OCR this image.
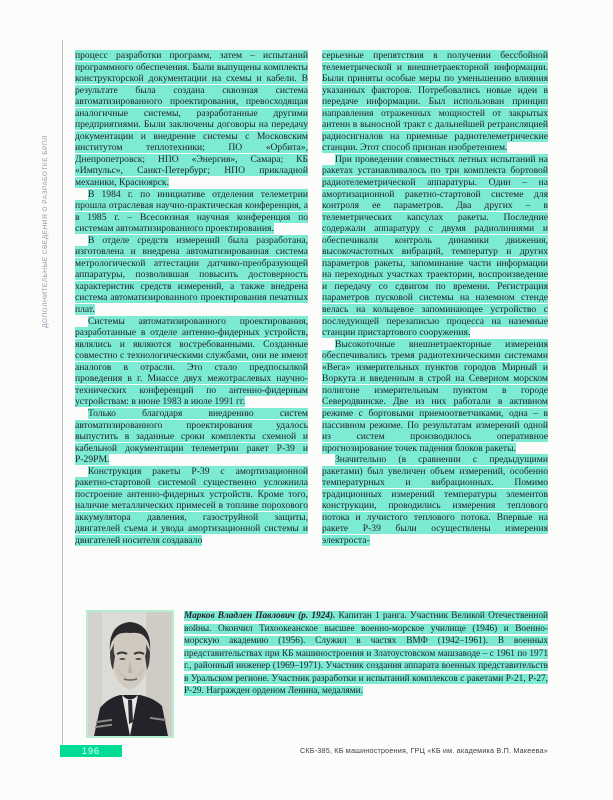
ДОПОЛНИТЕЛЬНЫЕ СВЕДЕНИЯ О РАЗРАБОТКЕ БРПЛ

процесс разработки программ, затем – испытаний программного обеспечения. Были выпущены комплекты конструкторской документации на схемы и кабели. В результате была создана сквозная система автоматизированного проектирования, превосходящая аналогичные системы, разработанные другими предприятиями. Были заключены договоры на передачу документации и внедрение системы с Московским институтом теплотехники; ПО «Орбита», Днепропетровск; НПО «Энергия», Самара; КБ «Импульс», Санкт-Петербург; НПО прикладной механики, Красноярск.

В 1984 г. по инициативе отделения телеметрии прошла отраслевая научно-практическая конференция, а в 1985 г. – Всесоюзная научная конференция по системам автоматизированного проектирования.

В отделе средств измерений была разработана, изготовлена и внедрена автоматизированная система метрологической аттестации датчико-преобразующей аппаратуры, позволившая повысить достоверность характеристик средств измерений, а также внедрена система автоматизированного проектирования печатных плат.

Системы автоматизированного проектирования, разработанные в отделе антенно-фидерных устройств, являлись и являются востребованными. Созданные совместно с технологическими службами, они не имеют аналогов в отрасли. Это стало предпосылкой проведения в г. Миассе двух межотраслевых научно-технических конференций по антенно-фидерным устройствам: в июне 1983 в июле 1991 гг.

Только благодаря внедрению систем автоматизированного проектирования удалось выпустить в заданные сроки комплекты схемной и кабельной документации телеметрии ракет Р-39 и Р-29РМ.

Конструкция ракеты Р-39 с амортизационной ракетно-стартовой системой существенно усложнила построение антенно-фидерных устройств. Кроме того, наличие металлических примесей в топливе порохового аккумулятора давления, газоструйной защиты, двигателей съема и увода амортизационной системы и двигателей носителя создавало

серьезные препятствия в получении бессбойной телеметрической и внешнетраекторной информации. Были приняты особые меры по уменьшению влияния указанных факторов. Потребовались новые идеи в передаче информации. Был использован принцип направления отраженных мощностей от закрытых антенн в выносной тракт с дальнейшей ретрансляцией радиосигналов на приемные радиотелеметрические станции. Этот способ признан изобретением.

При проведении совместных летных испытаний на ракетах устанавливалось по три комплекта бортовой радиотелеметрической аппаратуры. Один – на амортизационной ракетно-стартовой системе для контроля ее параметров. Два других – в телеметрических капсулах ракеты. Последние содержали аппаратуру с двумя радиолиниями и обеспечивали контроль динамики движения, высокочастотных вибраций, температур и других параметров ракеты, запоминание части информации на переходных участках траектории, воспроизведение и передачу со сдвигом по времени. Регистрация параметров пусковой системы на наземном стенде велась на кольцевое запоминающее устройство с последующей перезаписью процесса на наземные станции пристартового сооружения.

Высокоточные внешнетраекторные измерения обеспечивались тремя радиотехническими системами «Вега» измерительных пунктов городов Мирный и Воркута и введенным в строй на Северном морском полигоне измерительным пунктом в городе Северодвинске. Две из них работали в активном режиме с бортовыми приемоответчиками, одна – в пассивном режиме. По результатам измерений одной из систем производилось оперативное прогнозирование точек падения блоков ракеты.

Значительно (в сравнении с предыдущими ракетами) был увеличен объем измерений, особенно температурных и вибрационных. Помимо традиционных измерений температуры элементов конструкции, проводились измерения теплового потока и лучистого теплового потока. Впервые на ракете Р-39 были осуществлены измерения электроста-

Марков Владлен Павлович (р. 1924). Капитан 1 ранга. Участник Великой Отечественной войны. Окончил Тихоокеанское высшее военно-морское училище (1946) и Военно-морскую академию (1956). Служил в частях ВМФ (1942–1961). В военных представительствах при КБ машиностроения и Златоустовском машзаводе – с 1961 по 1971 г., районный инженер (1969–1971). Участник создания аппарата военных представительств в Уральском регионе. Участник разработки и испытаний комплексов с ракетами Р-21, Р-27, Р-29. Награжден орденом Ленина, медалями.
196	СКБ-385, КБ машиностроения, ГРЦ «КБ им. академика В.П. Макеева»
